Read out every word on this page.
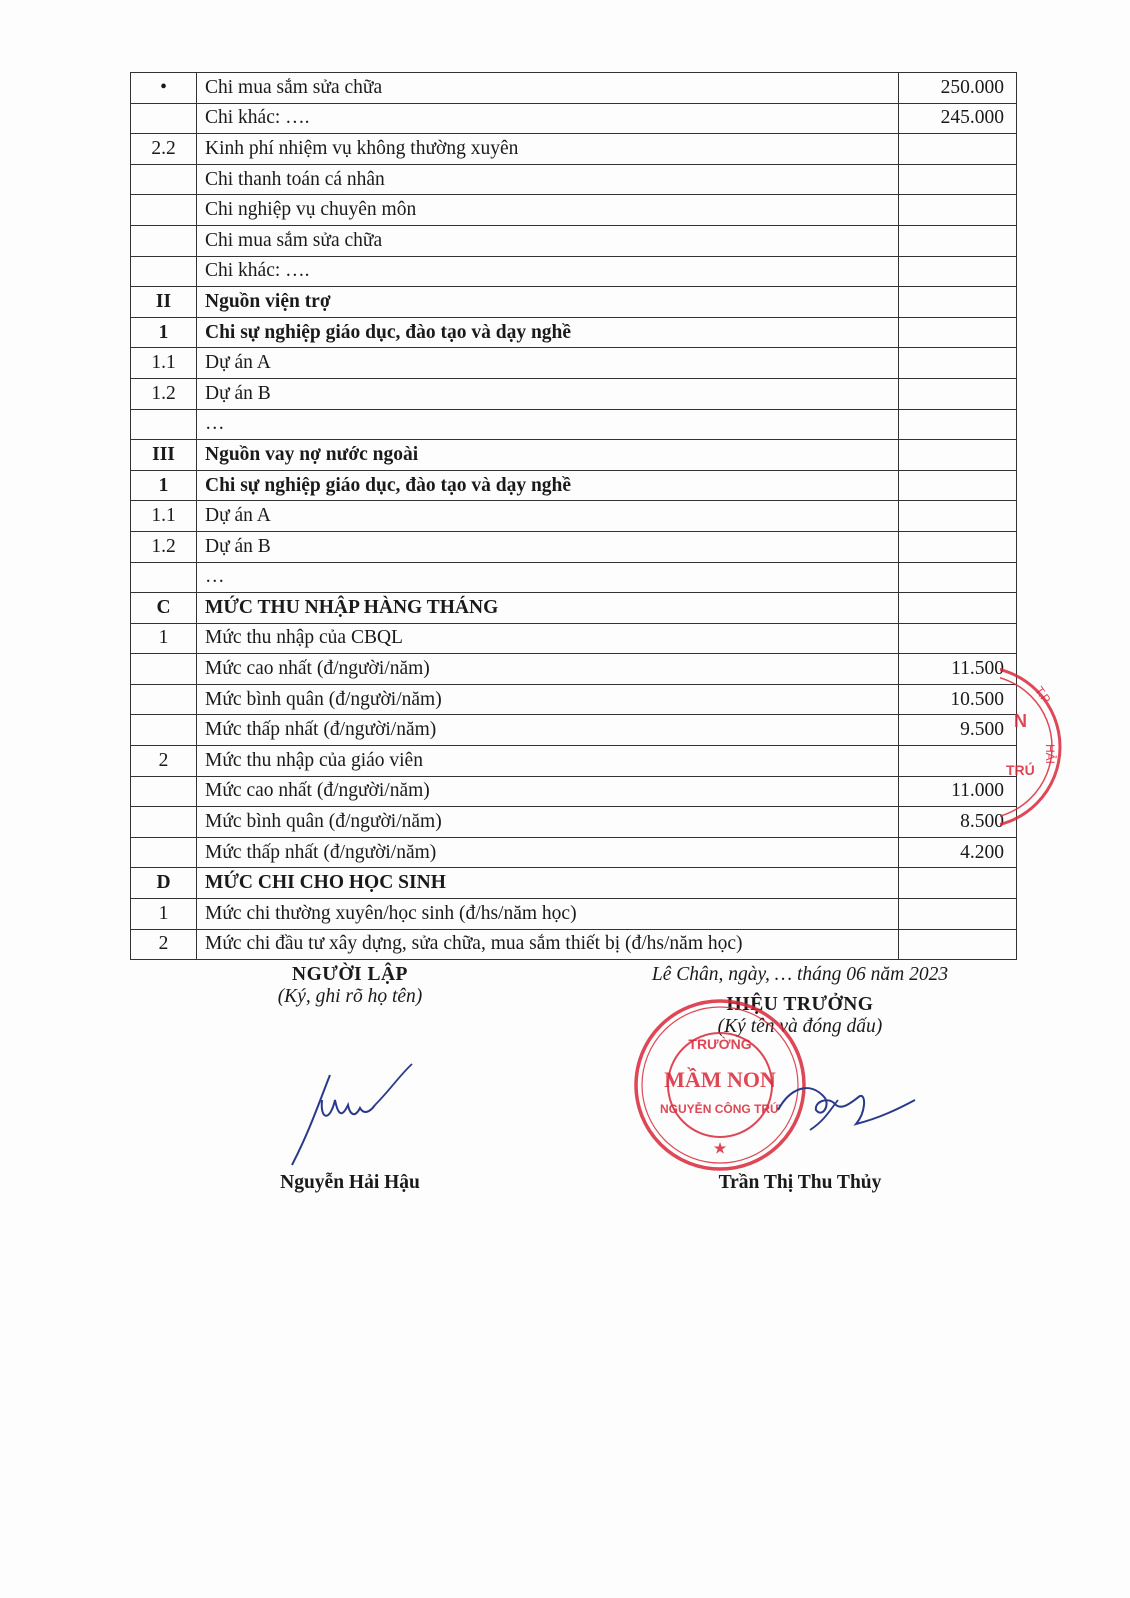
•	Chi mua sắm sửa chữa	250.000
	Chi khác: ….	245.000
2.2	Kinh phí nhiệm vụ không thường xuyên	
	Chi thanh toán cá nhân	
	Chi nghiệp vụ chuyên môn	
	Chi mua sắm sửa chữa	
	Chi khác: ….	
II	Nguồn viện trợ	
1	Chi sự nghiệp giáo dục, đào tạo và dạy nghề	
1.1	Dự án A	
1.2	Dự án B	
	…	
III	Nguồn vay nợ nước ngoài	
1	Chi sự nghiệp giáo dục, đào tạo và dạy nghề	
1.1	Dự án A	
1.2	Dự án B	
	…	
C	MỨC THU NHẬP HÀNG THÁNG	
1	Mức thu nhập của CBQL	
	Mức cao nhất (đ/người/năm)	11.500
	Mức bình quân (đ/người/năm)	10.500
	Mức thấp nhất (đ/người/năm)	9.500
2	Mức thu nhập của giáo viên	
	Mức cao nhất (đ/người/năm)	11.000
	Mức bình quân (đ/người/năm)	8.500
	Mức thấp nhất (đ/người/năm)	4.200
D	MỨC CHI CHO HỌC SINH	
1	Mức chi thường xuyên/học sinh (đ/hs/năm học)	
2	Mức chi đầu tư xây dựng, sửa chữa, mua sắm thiết bị (đ/hs/năm học)	
N
TRÚ
T.P
HẢI
NGƯỜI LẬP
(Ký, ghi rõ họ tên)
Nguyễn Hải Hậu
Lê Chân, ngày, … tháng 06 năm 2023
HIỆU TRƯỞNG
(Ký tên và đóng dấu)
TRƯỜNG
MẦM NON
NGUYỄN CÔNG TRỨ
★
Trần Thị Thu Thủy
